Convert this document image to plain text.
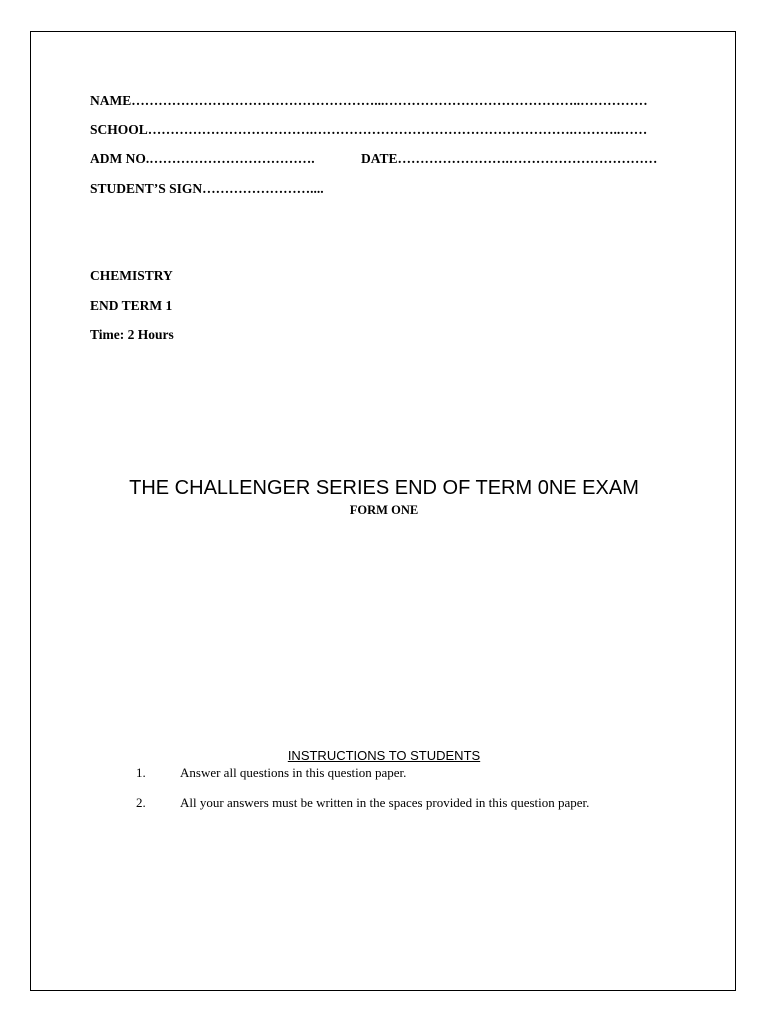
NAME………………………………………………...……………………………………..……………
SCHOOL……………………………….………………………………………………….………..……
ADM NO.……………………………….	DATE…………………….……………………………
STUDENT’S SIGN……………………....
CHEMISTRY
END TERM 1
Time: 2 Hours
THE CHALLENGER SERIES END OF TERM 0NE EXAM
FORM ONE
INSTRUCTIONS TO STUDENTS
1.	Answer all questions in this question paper.
2.	All your answers must be written in the spaces provided in this question paper.
